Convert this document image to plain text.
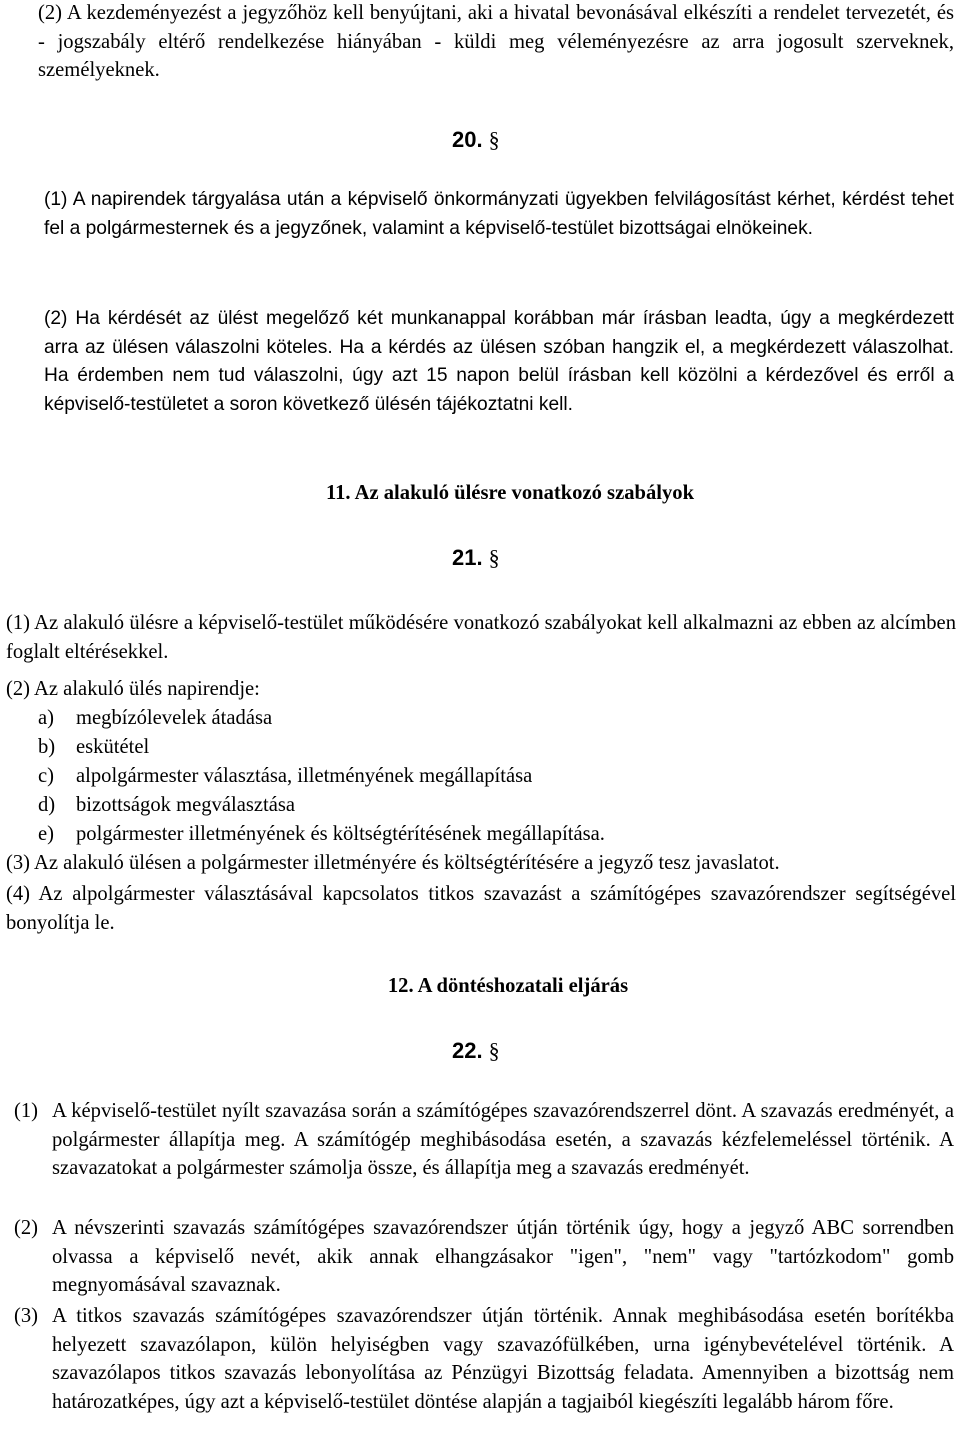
(2) A kezdeményezést a jegyzőhöz kell benyújtani, aki a hivatal bevonásával elkészíti a rendelet tervezetét, és - jogszabály eltérő rendelkezése hiányában - küldi meg véleményezésre az arra jogosult szerveknek, személyeknek.

20. §

(1) A napirendek tárgyalása után a képviselő önkormányzati ügyekben felvilágosítást kérhet, kérdést tehet fel a polgármesternek és a jegyzőnek, valamint a képviselő-testület bizottságai elnökeinek.

(2) Ha kérdését az ülést megelőző két munkanappal korábban már írásban leadta, úgy a megkérdezett arra az ülésen válaszolni köteles. Ha a kérdés az ülésen szóban hangzik el, a megkérdezett válaszolhat. Ha érdemben nem tud válaszolni, úgy azt 15 napon belül írásban kell közölni a kérdezővel és erről a képviselő-testületet a soron következő ülésén tájékoztatni kell.

11. Az alakuló ülésre vonatkozó szabályok

21. §
(1) Az alakuló ülésre a képviselő-testület működésére vonatkozó szabályokat kell alkalmazni az ebben az alcímben foglalt eltérésekkel.
(2) Az alakuló ülés napirendje:
a) megbízólevelek átadása
b) eskütétel
c) alpolgármester választása, illetményének megállapítása
d) bizottságok megválasztása
e) polgármester illetményének és költségtérítésének megállapítása.
(3) Az alakuló ülésen a polgármester illetményére és költségtérítésére a jegyző tesz javaslatot.

(4) Az alpolgármester választásával kapcsolatos titkos szavazást a számítógépes szavazórendszer segítségével bonyolítja le.

12. A döntéshozatali eljárás

22. §
(1) A képviselő-testület nyílt szavazása során a számítógépes szavazórendszerrel dönt. A szavazás eredményét, a polgármester állapítja meg. A számítógép meghibásodása esetén, a szavazás kézfelemeléssel történik. A szavazatokat a polgármester számolja össze, és állapítja meg a szavazás eredményét.
(2) A névszerinti szavazás számítógépes szavazórendszer útján történik úgy, hogy a jegyző ABC sorrendben olvassa a képviselő nevét, akik annak elhangzásakor "igen", "nem" vagy "tartózkodom" gomb megnyomásával szavaznak.
(3) A titkos szavazás számítógépes szavazórendszer útján történik. Annak meghibásodása esetén borítékba helyezett szavazólapon, külön helyiségben vagy szavazófülkében, urna igénybevételével történik. A szavazólapos titkos szavazás lebonyolítása az Pénzügyi Bizottság feladata. Amennyiben a bizottság nem határozatképes, úgy azt a képviselő-testület döntése alapján a tagjaiból kiegészíti legalább három főre.
